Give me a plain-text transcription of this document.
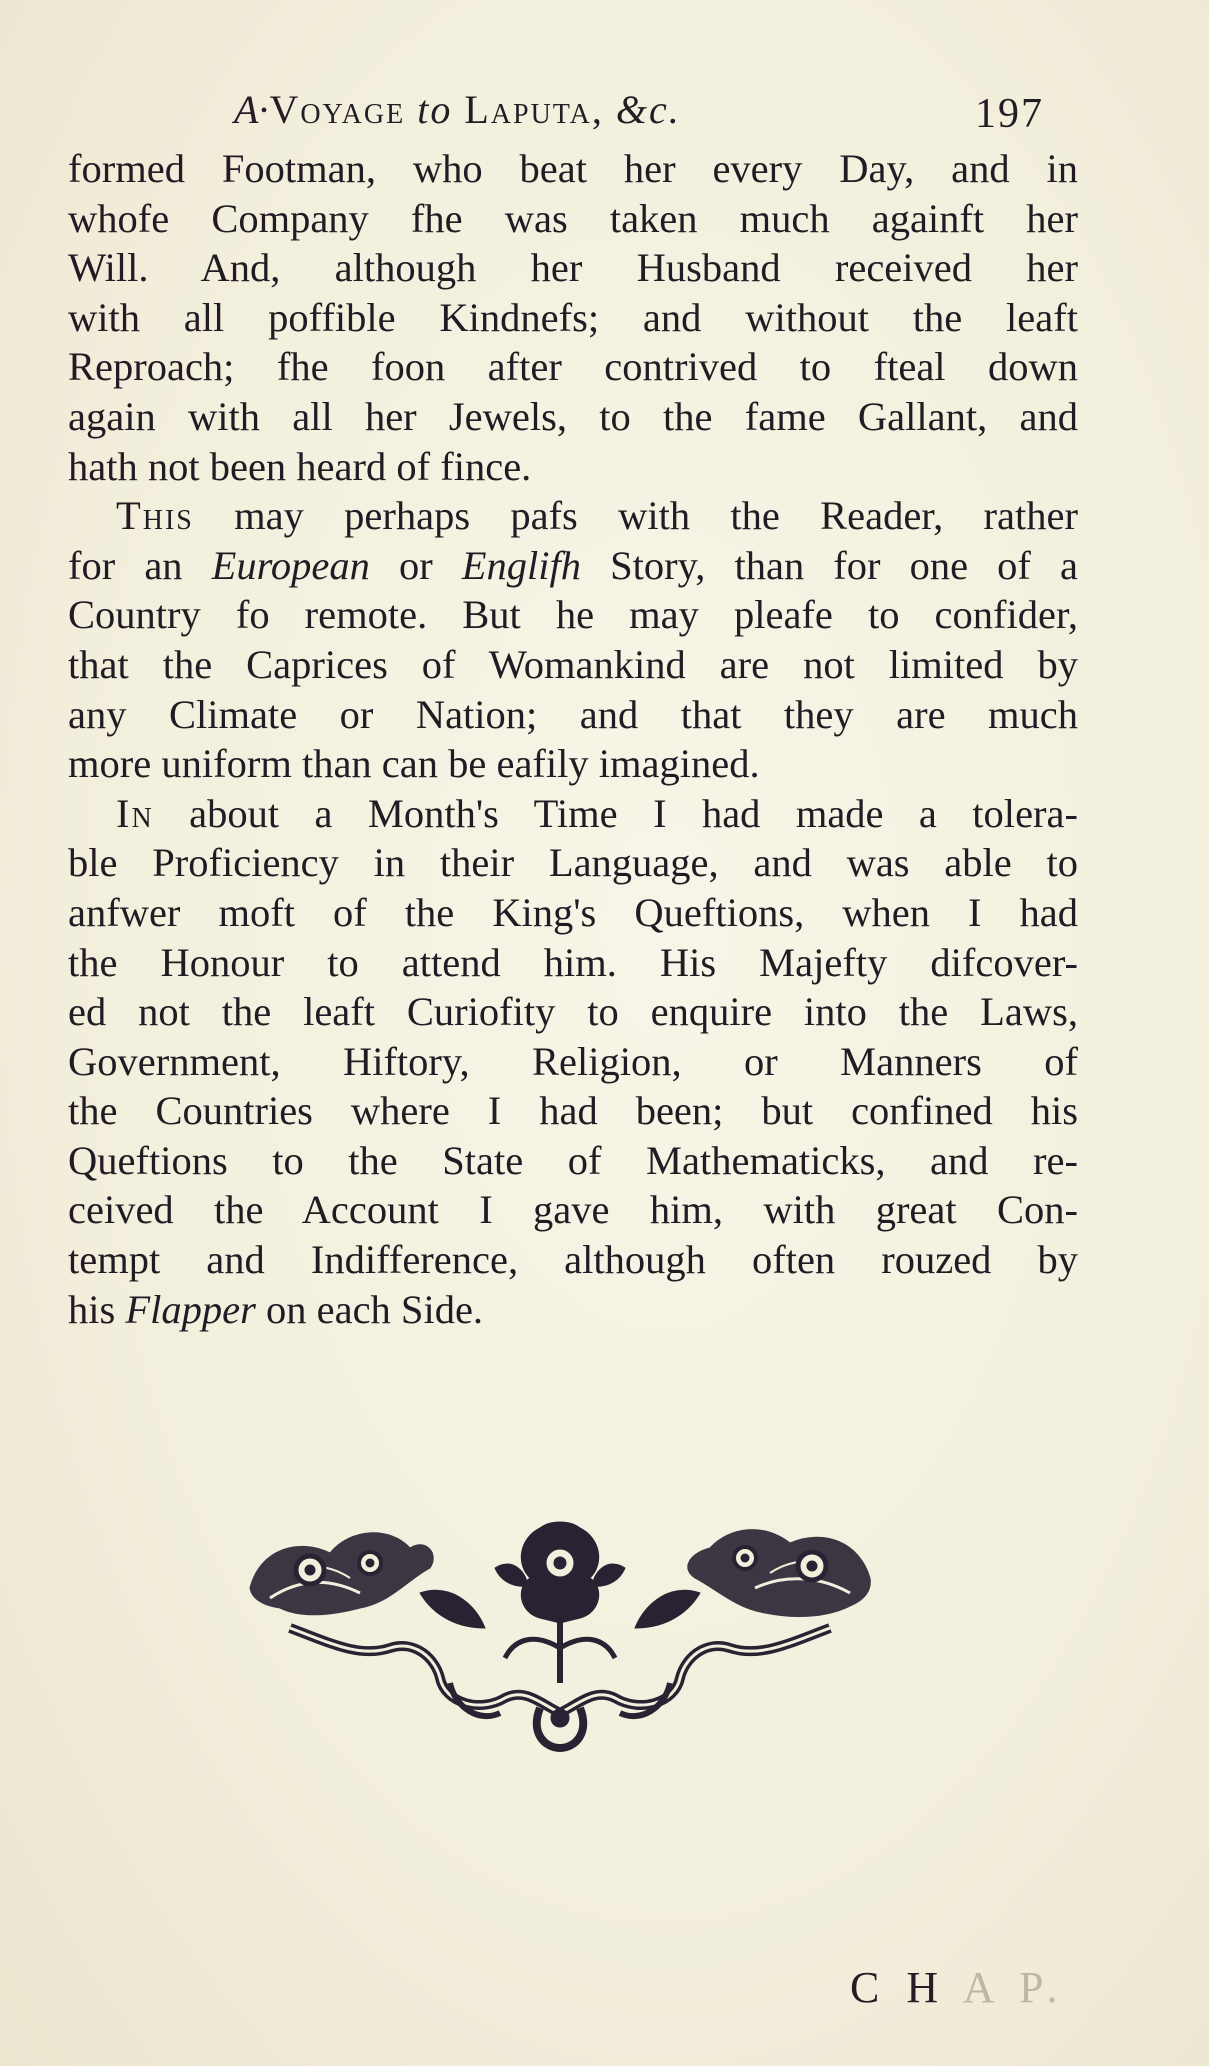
A•Voyage to Laputa, &c.	197
formed Footman, who beat her every Day, and in
whofe Company fhe was taken much againft her
Will. And, although her Husband received her
with all poffible Kindnefs; and without the leaft
Reproach; fhe foon after contrived to fteal down
again with all her Jewels, to the fame Gallant, and
hath not been heard of fince.
This may perhaps pafs with the Reader, rather
for an European or Englifh Story, than for one of a
Country fo remote. But he may pleafe to confider,
that the Caprices of Womankind are not limited by
any Climate or Nation; and that they are much
more uniform than can be eafily imagined.
In about a Month's Time I had made a tolera-
ble Proficiency in their Language, and was able to
anfwer moft of the King's Queftions, when I had
the Honour to attend him. His Majefty difcover-
ed not the leaft Curiofity to enquire into the Laws,
Government, Hiftory, Religion, or Manners of
the Countries where I had been; but confined his
Queftions to the State of Mathematicks, and re-
ceived the Account I gave him, with great Con-
tempt and Indifference, although often rouzed by
his Flapper on each Side.
C H A P.
